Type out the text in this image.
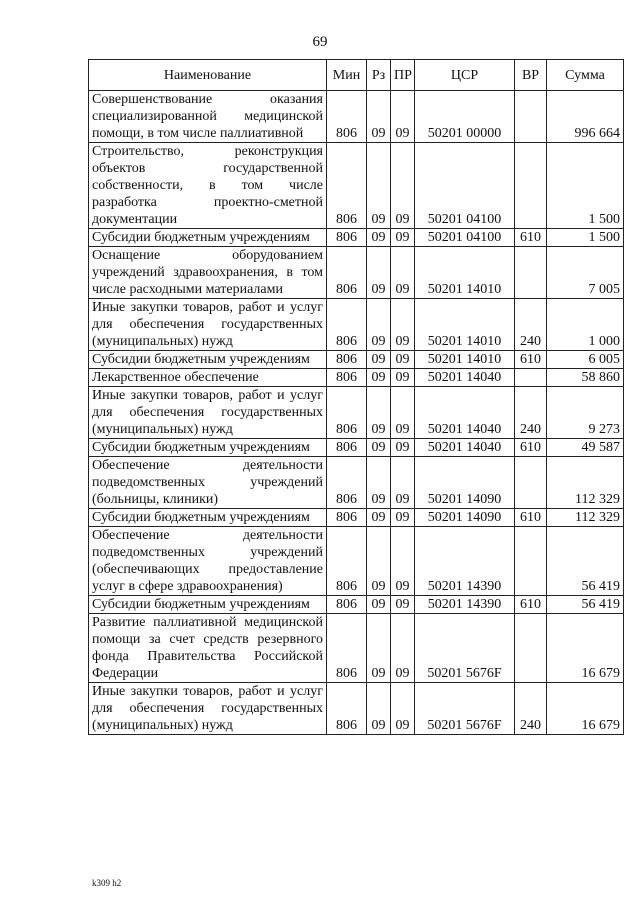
69
Наименование	Мин	Рз	ПР	ЦСР	ВР	Сумма
Совершенствование оказания специализированной медицинской помощи, в том числе паллиативной	806	09	09	50201 00000		996 664
Строительство, реконструкция объектов государственной собственности, в том числе разработка проектно-сметной документации	806	09	09	50201 04100		1 500
Субсидии бюджетным учреждениям	806	09	09	50201 04100	610	1 500
Оснащение оборудованием учреждений здравоохранения, в том числе расходными материалами	806	09	09	50201 14010		7 005
Иные закупки товаров, работ и услуг для обеспечения государственных (муниципальных) нужд	806	09	09	50201 14010	240	1 000
Субсидии бюджетным учреждениям	806	09	09	50201 14010	610	6 005
Лекарственное обеспечение	806	09	09	50201 14040		58 860
Иные закупки товаров, работ и услуг для обеспечения государственных (муниципальных) нужд	806	09	09	50201 14040	240	9 273
Субсидии бюджетным учреждениям	806	09	09	50201 14040	610	49 587
Обеспечение деятельности подведомственных учреждений (больницы, клиники)	806	09	09	50201 14090		112 329
Субсидии бюджетным учреждениям	806	09	09	50201 14090	610	112 329
Обеспечение деятельности подведомственных учреждений (обеспечивающих предоставление услуг в сфере здравоохранения)	806	09	09	50201 14390		56 419
Субсидии бюджетным учреждениям	806	09	09	50201 14390	610	56 419
Развитие паллиативной медицинской помощи за счет средств резервного фонда Правительства Российской Федерации	806	09	09	50201 5676F		16 679
Иные закупки товаров, работ и услуг для обеспечения государственных (муниципальных) нужд	806	09	09	50201 5676F	240	16 679
k309 h2
